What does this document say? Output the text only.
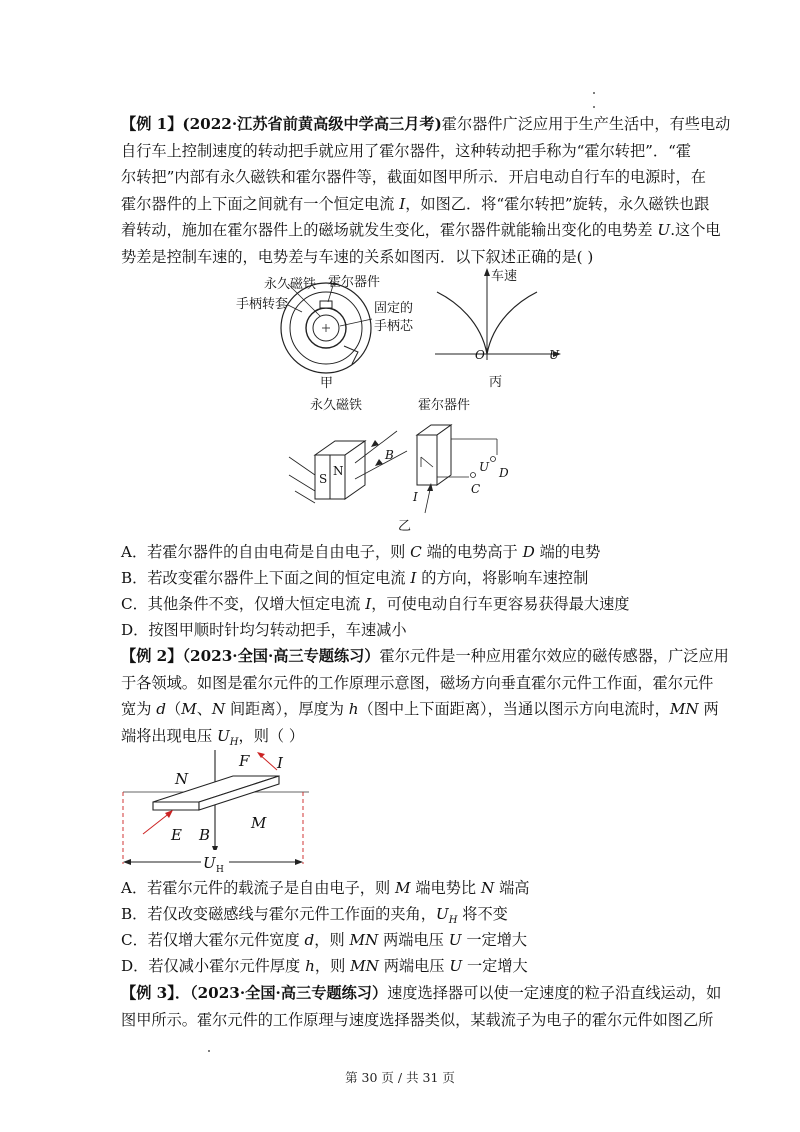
【例 1】(2022·江苏省前黄高级中学高三月考)霍尔器件广泛应用于生产生活中，有些电动
自行车上控制速度的转动把手就应用了霍尔器件，这种转动把手称为“霍尔转把”．“霍
尔转把”内部有永久磁铁和霍尔器件等，截面如图甲所示．开启电动自行车的电源时，在
霍尔器件的上下面之间就有一个恒定电流 I，如图乙．将“霍尔转把”旋转，永久磁铁也跟
着转动，施加在霍尔器件上的磁场就发生变化，霍尔器件就能输出变化的电势差 U.这个电
势差是控制车速的，电势差与车速的关系如图丙．以下叙述正确的是( )
永久磁铁 霍尔器件
手柄转套	固定的
手柄芯
甲
车速
O	U
丙
永久磁铁	霍尔器件
S
N
B
U D
C
I
乙
A．若霍尔器件的自由电荷是自由电子，则 C 端的电势高于 D 端的电势
B．若改变霍尔器件上下面之间的恒定电流 I 的方向，将影响车速控制
C．其他条件不变，仅增大恒定电流 I，可使电动自行车更容易获得最大速度
D．按图甲顺时针均匀转动把手，车速减小
【例 2】（2023·全国·高三专题练习）霍尔元件是一种应用霍尔效应的磁传感器，广泛应用
于各领域。如图是霍尔元件的工作原理示意图，磁场方向垂直霍尔元件工作面，霍尔元件
宽为 d（M、N 间距离），厚度为 h（图中上下面距离），当通以图示方向电流时，MN 两
端将出现电压 $U_H$，则（ ）
N
M
F I
E B
U H
A．若霍尔元件的载流子是自由电子，则 M 端电势比 N 端高
B．若仅改变磁感线与霍尔元件工作面的夹角，$U_H$ 将不变
C．若仅增大霍尔元件宽度 d，则 MN 两端电压 U 一定增大
D．若仅减小霍尔元件厚度 h，则 MN 两端电压 U 一定增大
【例 3】．（2023·全国·高三专题练习）速度选择器可以使一定速度的粒子沿直线运动，如
图甲所示。霍尔元件的工作原理与速度选择器类似，某载流子为电子的霍尔元件如图乙所
第 30 页 / 共 31 页
